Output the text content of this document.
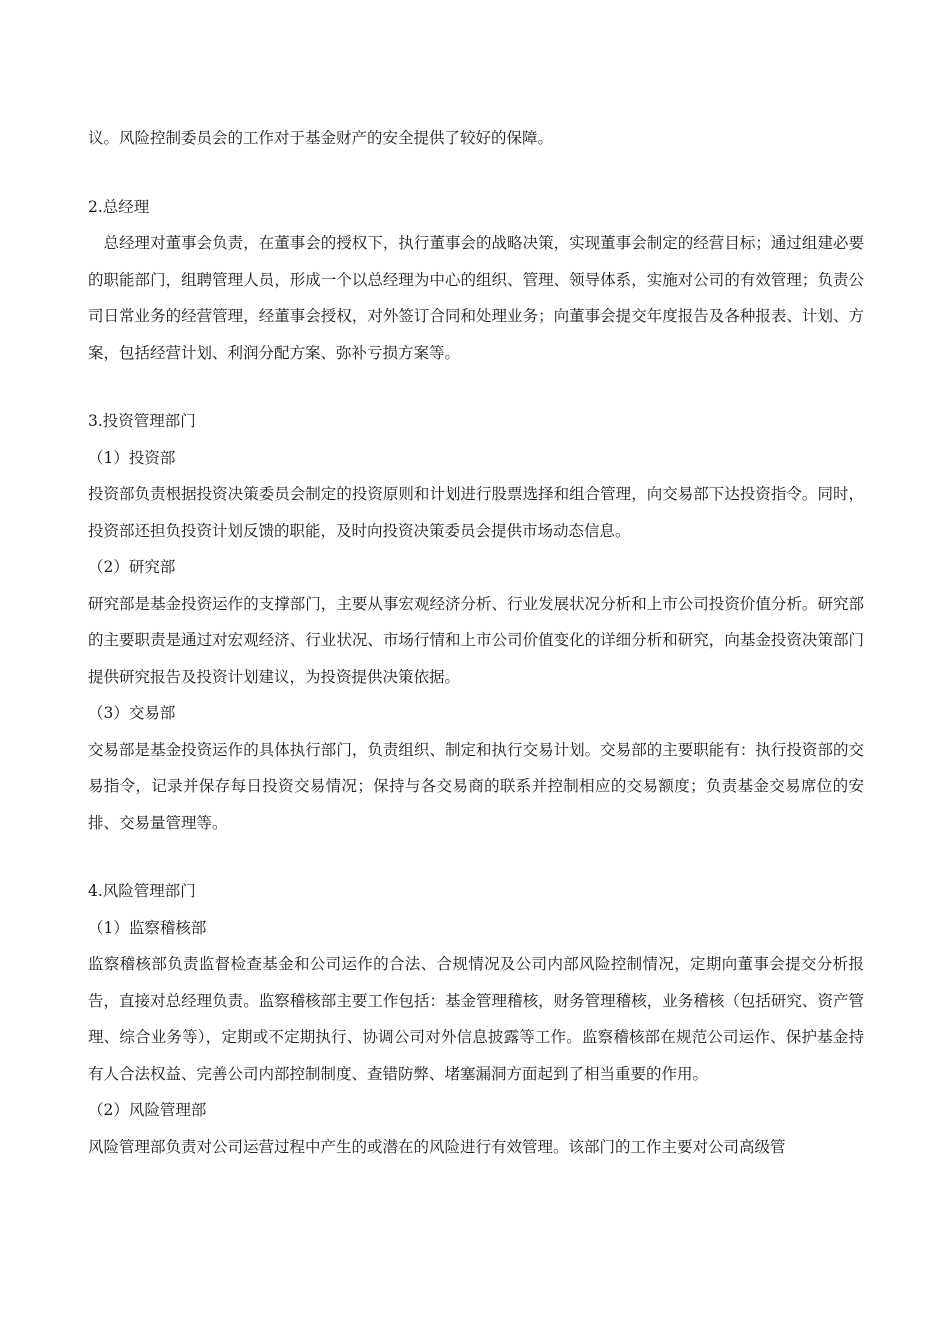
议。风险控制委员会的工作对于基金财产的安全提供了较好的保障。

2.总经理

　总经理对董事会负责，在董事会的授权下，执行董事会的战略决策，实现董事会制定的经营目标；通过组建必要的职能部门，组聘管理人员，形成一个以总经理为中心的组织、管理、领导体系，实施对公司的有效管理；负责公司日常业务的经营管理，经董事会授权，对外签订合同和处理业务；向董事会提交年度报告及各种报表、计划、方案，包括经营计划、利润分配方案、弥补亏损方案等。

3.投资管理部门

（1）投资部

投资部负责根据投资决策委员会制定的投资原则和计划进行股票选择和组合管理，向交易部下达投资指令。同时，投资部还担负投资计划反馈的职能，及时向投资决策委员会提供市场动态信息。

（2）研究部

研究部是基金投资运作的支撑部门，主要从事宏观经济分析、行业发展状况分析和上市公司投资价值分析。研究部的主要职责是通过对宏观经济、行业状况、市场行情和上市公司价值变化的详细分析和研究，向基金投资决策部门提供研究报告及投资计划建议，为投资提供决策依据。

（3）交易部

交易部是基金投资运作的具体执行部门，负责组织、制定和执行交易计划。交易部的主要职能有：执行投资部的交易指令，记录并保存每日投资交易情况；保持与各交易商的联系并控制相应的交易额度；负责基金交易席位的安排、交易量管理等。

4.风险管理部门

（1）监察稽核部

监察稽核部负责监督检查基金和公司运作的合法、合规情况及公司内部风险控制情况，定期向董事会提交分析报告，直接对总经理负责。监察稽核部主要工作包括：基金管理稽核，财务管理稽核，业务稽核（包括研究、资产管理、综合业务等），定期或不定期执行、协调公司对外信息披露等工作。监察稽核部在规范公司运作、保护基金持有人合法权益、完善公司内部控制制度、查错防弊、堵塞漏洞方面起到了相当重要的作用。

（2）风险管理部

风险管理部负责对公司运营过程中产生的或潜在的风险进行有效管理。该部门的工作主要对公司高级管
